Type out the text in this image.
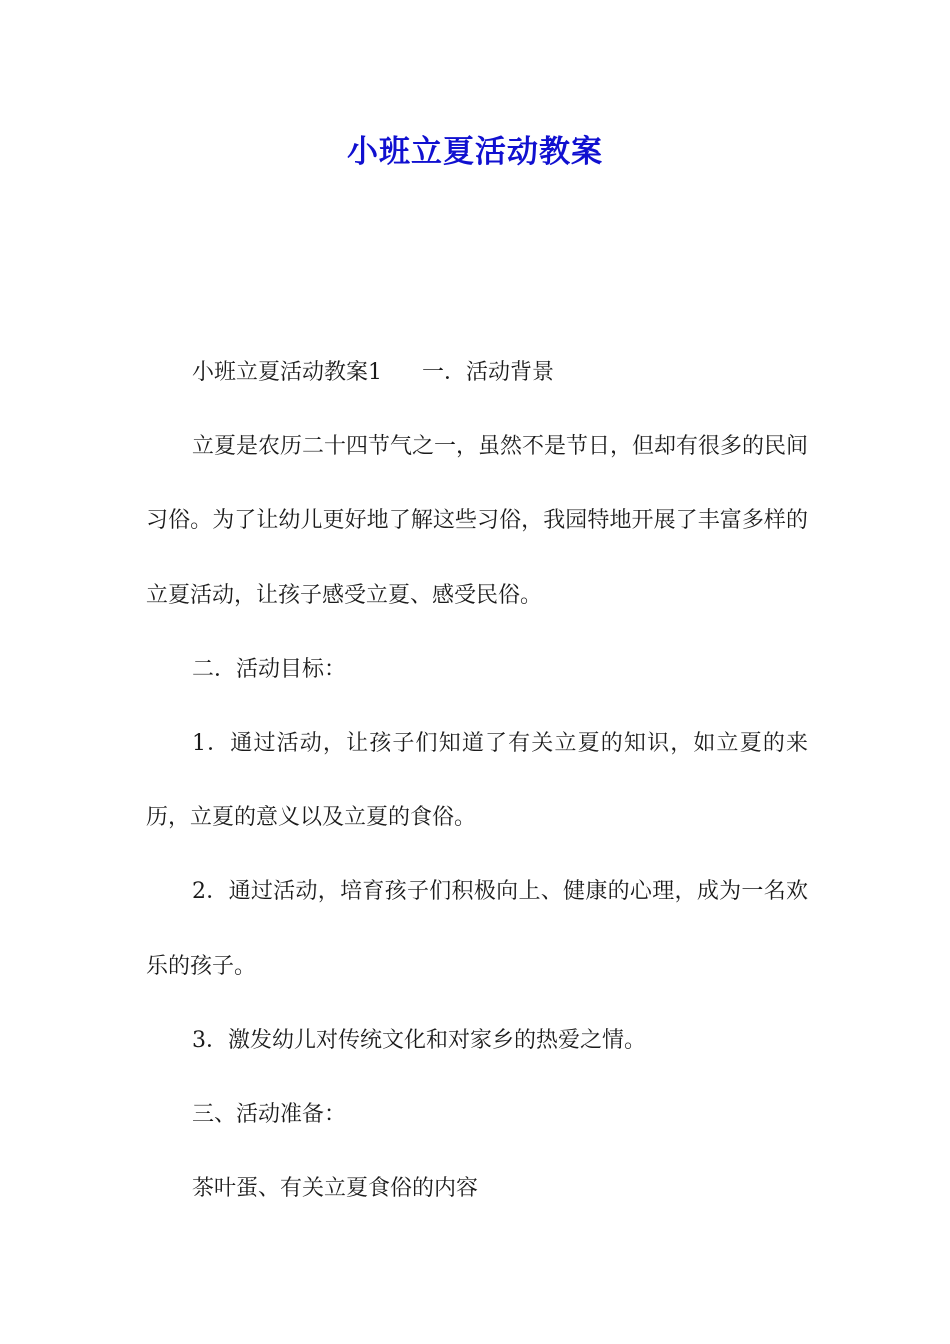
小班立夏活动教案

小班立夏活动教案1 一．活动背景

立夏是农历二十四节气之一，虽然不是节日，但却有很多的民间习俗。为了让幼儿更好地了解这些习俗，我园特地开展了丰富多样的立夏活动，让孩子感受立夏、感受民俗。

二．活动目标：

1．通过活动，让孩子们知道了有关立夏的知识，如立夏的来历，立夏的意义以及立夏的食俗。

2．通过活动，培育孩子们积极向上、健康的心理，成为一名欢乐的孩子。

3．激发幼儿对传统文化和对家乡的热爱之情。

三、活动准备：

茶叶蛋、有关立夏食俗的内容
